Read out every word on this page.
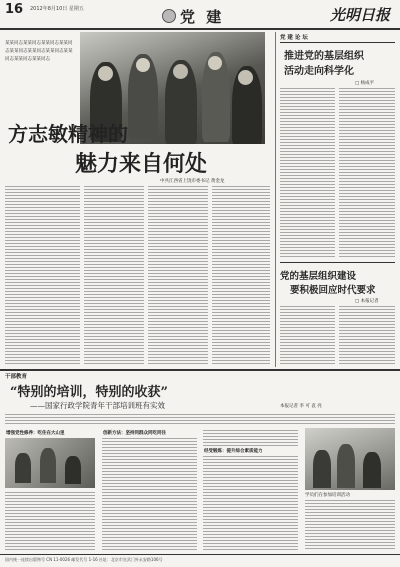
16 2012年8月10日 星期五	党 建	光明日报
某某同志某某同志某某同志某某同志某某同志某某同志某某同志某某同志某某同志某某同志
方志敏精神的
魅力来自何处
中共江西省上饶市委书记 黄金龙
党 建 论 坛
推进党的基层组织
活动走向科学化
□ 杨成平
党的基层组织建设
要积极回应时代要求
□ 本报记者
干部教育
“特别的培训，特别的收获”
——国家行政学院青年干部培训班有实效	本报记者 李 可 袁 亮
增强党性修养：吃住在大山里	创新方法：坚持同群众同吃同住
经受锻炼：提升综合素质能力
学员们在参加培训活动
国内统一连续出版物号 CN 11-0026 邮发代号 1-16 社址：北京市宣武门外永安路106号
